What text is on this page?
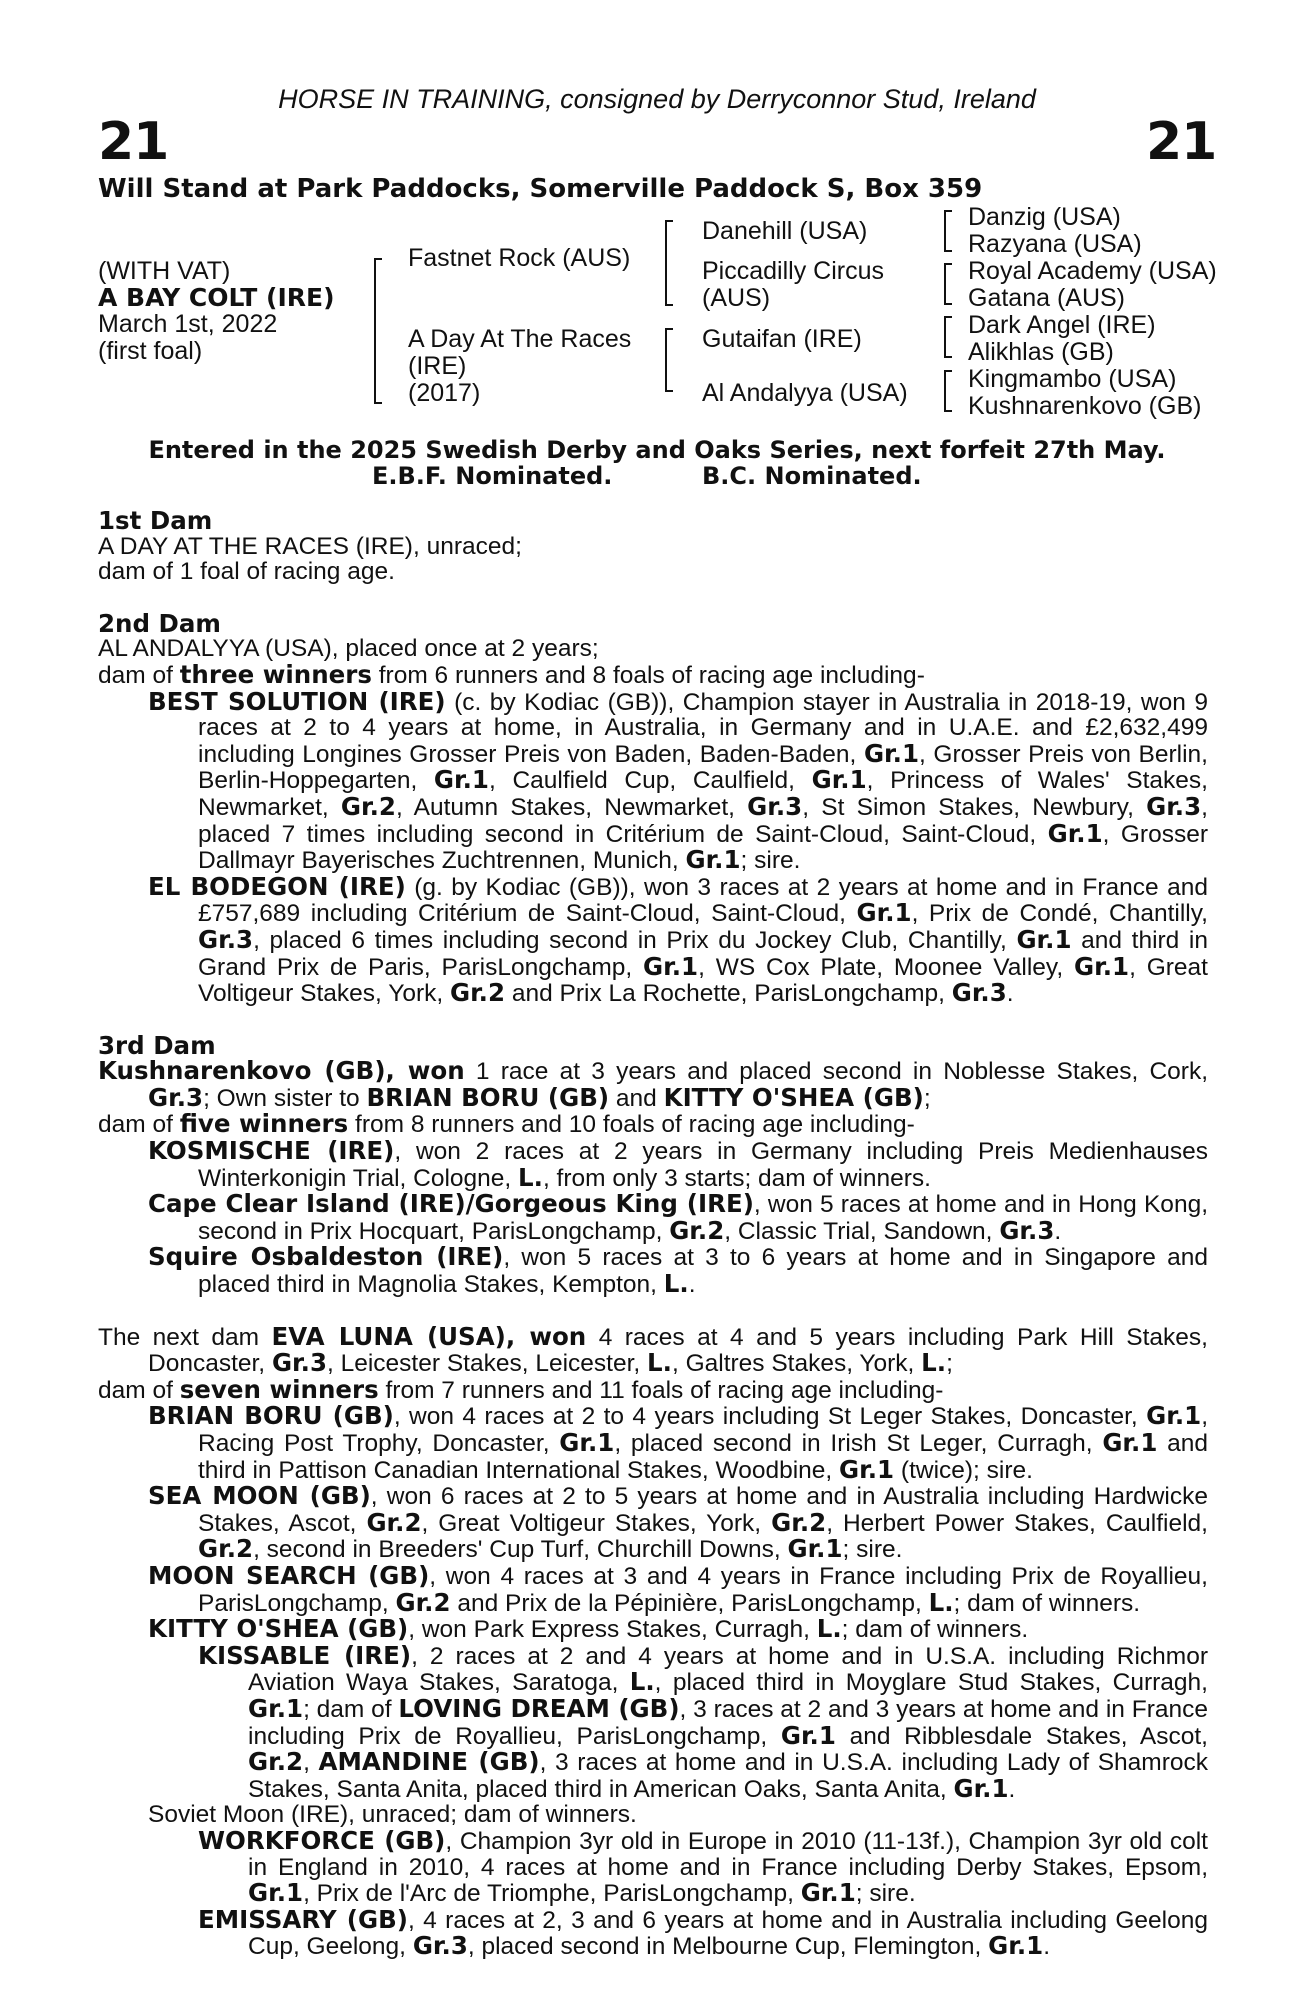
HORSE IN TRAINING, consigned by Derryconnor Stud, Ireland
21	21
Will Stand at Park Paddocks, Somerville Paddock S, Box 359
(WITH VAT)
A BAY COLT (IRE)
March 1st, 2022
(first foal)
Fastnet Rock (AUS)
A Day At The Races
(IRE)
(2017)
Danehill (USA)
Piccadilly Circus
(AUS)
Gutaifan (IRE)
Al Andalyya (USA)
Danzig (USA)
Razyana (USA)
Royal Academy (USA)
Gatana (AUS)
Dark Angel (IRE)
Alikhlas (GB)
Kingmambo (USA)
Kushnarenkovo (GB)
Entered in the 2025 Swedish Derby and Oaks Series, next forfeit 27th May.
E.B.F. Nominated.	B.C. Nominated.

1st Dam

A DAY AT THE RACES (IRE), unraced;

dam of 1 foal of racing age.

2nd Dam

AL ANDALYYA (USA), placed once at 2 years;

dam of three winners from 6 runners and 8 foals of racing age including-

BEST SOLUTION (IRE) (c. by Kodiac (GB)), Champion stayer in Australia in 2018-19, won 9 races at 2 to 4 years at home, in Australia, in Germany and in U.A.E. and £2,632,499 including Longines Grosser Preis von Baden, Baden-Baden, Gr.1, Grosser Preis von Berlin, Berlin-Hoppegarten, Gr.1, Caulfield Cup, Caulfield, Gr.1, Princess of Wales' Stakes, Newmarket, Gr.2, Autumn Stakes, Newmarket, Gr.3, St Simon Stakes, Newbury, Gr.3, placed 7 times including second in Critérium de Saint-Cloud, Saint-Cloud, Gr.1, Grosser Dallmayr Bayerisches Zuchtrennen, Munich, Gr.1; sire.

EL BODEGON (IRE) (g. by Kodiac (GB)), won 3 races at 2 years at home and in France and £757,689 including Critérium de Saint-Cloud, Saint-Cloud, Gr.1, Prix de Condé, Chantilly, Gr.3, placed 6 times including second in Prix du Jockey Club, Chantilly, Gr.1 and third in Grand Prix de Paris, ParisLongchamp, Gr.1, WS Cox Plate, Moonee Valley, Gr.1, Great Voltigeur Stakes, York, Gr.2 and Prix La Rochette, ParisLongchamp, Gr.3.

3rd Dam

Kushnarenkovo (GB), won 1 race at 3 years and placed second in Noblesse Stakes, Cork, Gr.3; Own sister to BRIAN BORU (GB) and KITTY O'SHEA (GB);

dam of five winners from 8 runners and 10 foals of racing age including-

KOSMISCHE (IRE), won 2 races at 2 years in Germany including Preis Medienhauses Winterkonigin Trial, Cologne, L., from only 3 starts; dam of winners.

Cape Clear Island (IRE)/Gorgeous King (IRE), won 5 races at home and in Hong Kong, second in Prix Hocquart, ParisLongchamp, Gr.2, Classic Trial, Sandown, Gr.3.

Squire Osbaldeston (IRE), won 5 races at 3 to 6 years at home and in Singapore and placed third in Magnolia Stakes, Kempton, L..

The next dam EVA LUNA (USA), won 4 races at 4 and 5 years including Park Hill Stakes, Doncaster, Gr.3, Leicester Stakes, Leicester, L., Galtres Stakes, York, L.;

dam of seven winners from 7 runners and 11 foals of racing age including-

BRIAN BORU (GB), won 4 races at 2 to 4 years including St Leger Stakes, Doncaster, Gr.1, Racing Post Trophy, Doncaster, Gr.1, placed second in Irish St Leger, Curragh, Gr.1 and third in Pattison Canadian International Stakes, Woodbine, Gr.1 (twice); sire.

SEA MOON (GB), won 6 races at 2 to 5 years at home and in Australia including Hardwicke Stakes, Ascot, Gr.2, Great Voltigeur Stakes, York, Gr.2, Herbert Power Stakes, Caulfield, Gr.2, second in Breeders' Cup Turf, Churchill Downs, Gr.1; sire.

MOON SEARCH (GB), won 4 races at 3 and 4 years in France including Prix de Royallieu, ParisLongchamp, Gr.2 and Prix de la Pépinière, ParisLongchamp, L.; dam of winners.

KITTY O'SHEA (GB), won Park Express Stakes, Curragh, L.; dam of winners.

KISSABLE (IRE), 2 races at 2 and 4 years at home and in U.S.A. including Richmor Aviation Waya Stakes, Saratoga, L., placed third in Moyglare Stud Stakes, Curragh, Gr.1; dam of LOVING DREAM (GB), 3 races at 2 and 3 years at home and in France including Prix de Royallieu, ParisLongchamp, Gr.1 and Ribblesdale Stakes, Ascot, Gr.2, AMANDINE (GB), 3 races at home and in U.S.A. including Lady of Shamrock Stakes, Santa Anita, placed third in American Oaks, Santa Anita, Gr.1.

Soviet Moon (IRE), unraced; dam of winners.

WORKFORCE (GB), Champion 3yr old in Europe in 2010 (11-13f.), Champion 3yr old colt in England in 2010, 4 races at home and in France including Derby Stakes, Epsom, Gr.1, Prix de l'Arc de Triomphe, ParisLongchamp, Gr.1; sire.

EMISSARY (GB), 4 races at 2, 3 and 6 years at home and in Australia including Geelong Cup, Geelong, Gr.3, placed second in Melbourne Cup, Flemington, Gr.1.
